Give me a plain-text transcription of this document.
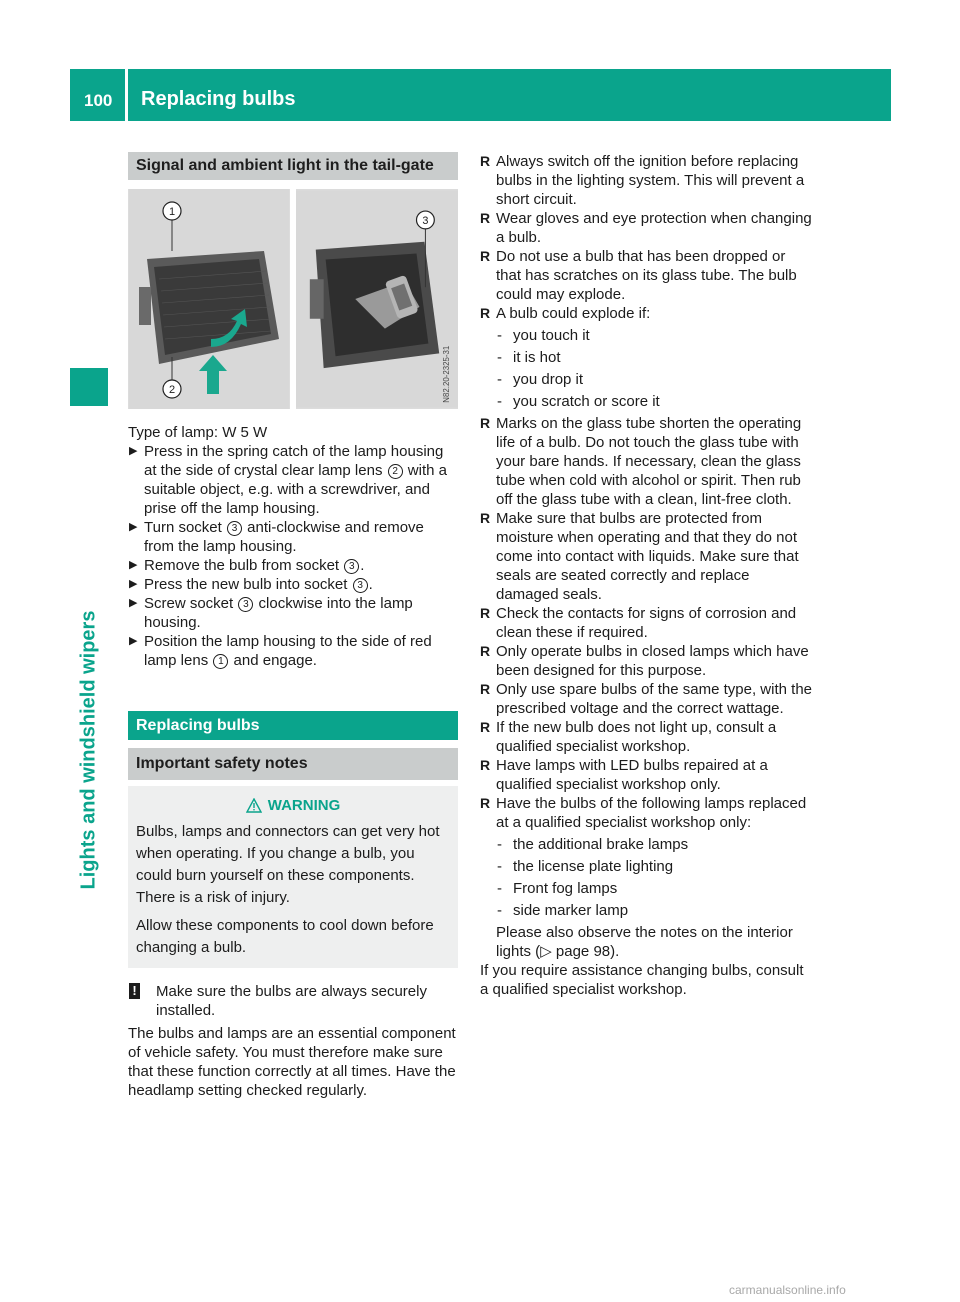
100 Replacing bulbs
Lights and windshield wipers
Signal and ambient light in the tail-gate
1
2
3
N82.20-2325-31

Type of lamp: W 5 W

▶ Press in the spring catch of the lamp housing at the side of crystal clear lamp lens 2 with a suitable object, e.g. with a screwdriver, and prise off the lamp housing.

▶ Turn socket 3 anti-clockwise and remove from the lamp housing.

▶ Remove the bulb from socket 3 .

▶ Press the new bulb into socket 3 .

▶ Screw socket 3 clockwise into the lamp housing.

▶ Position the lamp housing to the side of red lamp lens 1 and engage.

Replacing bulbs
Important safety notes
WARNING

Bulbs, lamps and connectors can get very hot when operating. If you change a bulb, you could burn yourself on these components. There is a risk of injury.

Allow these components to cool down before changing a bulb.

! Make sure the bulbs are always securely installed.

The bulbs and lamps are an essential component of vehicle safety. You must therefore make sure that these function correctly at all times. Have the headlamp setting checked regularly.

R Always switch off the ignition before replacing bulbs in the lighting system. This will prevent a short circuit.

R Wear gloves and eye protection when changing a bulb.

R Do not use a bulb that has been dropped or that has scratches on its glass tube. The bulb could may explode.

R A bulb could explode if:

- you touch it

- it is hot

- you drop it

- you scratch or score it

R Marks on the glass tube shorten the operating life of a bulb. Do not touch the glass tube with your bare hands. If necessary, clean the glass tube when cold with alcohol or spirit. Then rub off the glass tube with a clean, lint-free cloth.

R Make sure that bulbs are protected from moisture when operating and that they do not come into contact with liquids. Make sure that seals are seated correctly and replace damaged seals.

R Check the contacts for signs of corrosion and clean these if required.

R Only operate bulbs in closed lamps which have been designed for this purpose.

R Only use spare bulbs of the same type, with the prescribed voltage and the correct wattage.

R If the new bulb does not light up, consult a qualified specialist workshop.

R Have lamps with LED bulbs repaired at a qualified specialist workshop only.

R Have the bulbs of the following lamps replaced at a qualified specialist workshop only:

- the additional brake lamps

- the license plate lighting

- Front fog lamps

- side marker lamp

Please also observe the notes on the interior lights (▷ page 98).

If you require assistance changing bulbs, consult a qualified specialist workshop.

carmanualsonline.info
